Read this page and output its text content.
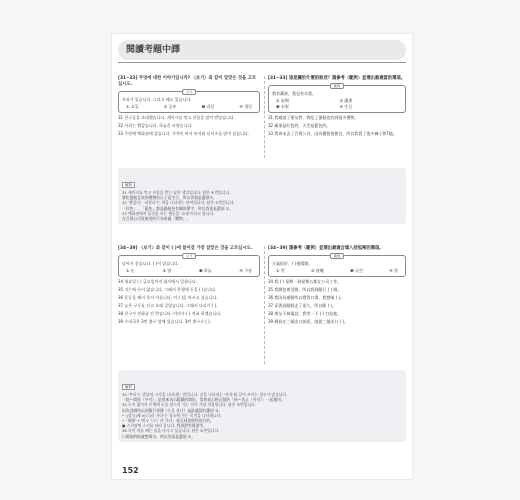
閱讀考題中譯
[31~33] 무엇에 대한 이야기입니까? 〈보기〉와 같이 알맞은 것을 고르십시오.
보기
사과가 있습니다. 그리고 배도 있습니다.
① 요일	② 공부	❸ 과일	④ 생일
31 친구들을 초대했습니다. 케이크를 먹고 선물을 많이 받았습니다.
32 사과는 빨갛습니다. 하늘은 파랗습니다.
33 주말에 백화점에 갔습니다. 가격이 싸서 바지와 티셔츠를 많이 샀습니다.
[31~33] 這是關於什麼的敘述？請參考〈範例〉並選出最適當的選項。
範例
我有蘋果，我也有水梨。
① 星期	② 讀書
❸ 水果	④ 生日
31 我邀請了朋友們，我吃了蛋糕也收到很多禮物。
32 蘋果是紅色的，天空是藍色的。
33 我周末去了百貨公司，因為價格很便宜，所以我買了很多褲子和T恤。
解析
31 케이크를 먹고 선물을 받는 날은 생일입니다. 답은 ④번입니다.
會吃蛋糕且收到禮物的日子是生日，所以答案是選項④。
32 '빨갛다', '파랗다'는 색을 나타내는 단어입니다. 답은 ①번입니다.
「紅色」、「藍色」都是跟顏色有關的單字，所以答案是選項 ①。
33 백화점에서 물건을 사는 행동을 '쇼핑'이라고 합니다.
在百貨公司買東西的行為叫做「購物」。
[34~39] 〈보기〉와 같이 ( )에 들어갈 가장 알맞은 것을 고르십시오.
보기
날씨가 좋습니다. ( )이 맑습니다.
① 눈	② 밤	❸ 하늘	④ 구름
34 형요일 ( ) 금요일까지 회사에서 일합니다.
35 저는에 돈이 없습니다. 그래서 은행에 돈을 ( )습니다.
36 운동을 해서 목이 마릅니다. 이 ( )을 마시고 싶습니다.
37 높은 구두를 신고 오래 걸었습니다. 그래서 다리가 ( ).
38 친구가 전화를 안 받습니다. 아마가 ( ) 전화 하겠습니다.
39 우리국은 3번 출구 앞에 있습니다. 3번 출구로 ( ).
[34~39] 請參考〈範例〉並選出最適合填入括弧裡的選項。
範例
天氣很好，( )很晴朗。
① 雪	② 夜晚	❸ 天空	④ 雲
34 我 ( ) 星期一到星期五都在公司工作。
35 我錢包裡沒錢，所以我到銀行 ( ) 錢。
36 我因為運動所以覺得口渴，我想喝 ( )。
37 穿著高跟鞋走了很久，所以腿 ( )。
38 朋友不接電話，我等一下 ( ) 打給他。
39 郵局在三號出口前面，請從三號出口 ( )。
解析
34 '부터'는 범위의 시작을 나타내는 말입니다. 끝을 나타내는 '까지'와 같이 쓰이는 경우가 많습니다.
「從～開始（부터）」是用來表示範圍的開始，常和表示終止點的「到～為止（까지）」一起使用。
35 돈이 없어서 은행에 돈을 찾으러 가는 것이 가장 적절합니다. 답은 ③번입니다.
因為沒錢所以到銀行領錢（돈을 찾다）是最適當的選項 ③。
• '(장소)에 V(으)러 가다'는 장소에 가는 목적을 나타냅니다.
•「場所 + 에 V（으）러 가다」表示到某場所的目的。
● 스키장에 스키를 타러 갑니다. 我到滑雪場滑雪。
36 목이 마를 때는 물을 마시고 싶습니다. 답은 ②번입니다.
口渴的時候就想喝水，所以答案是選項 ②。
152
